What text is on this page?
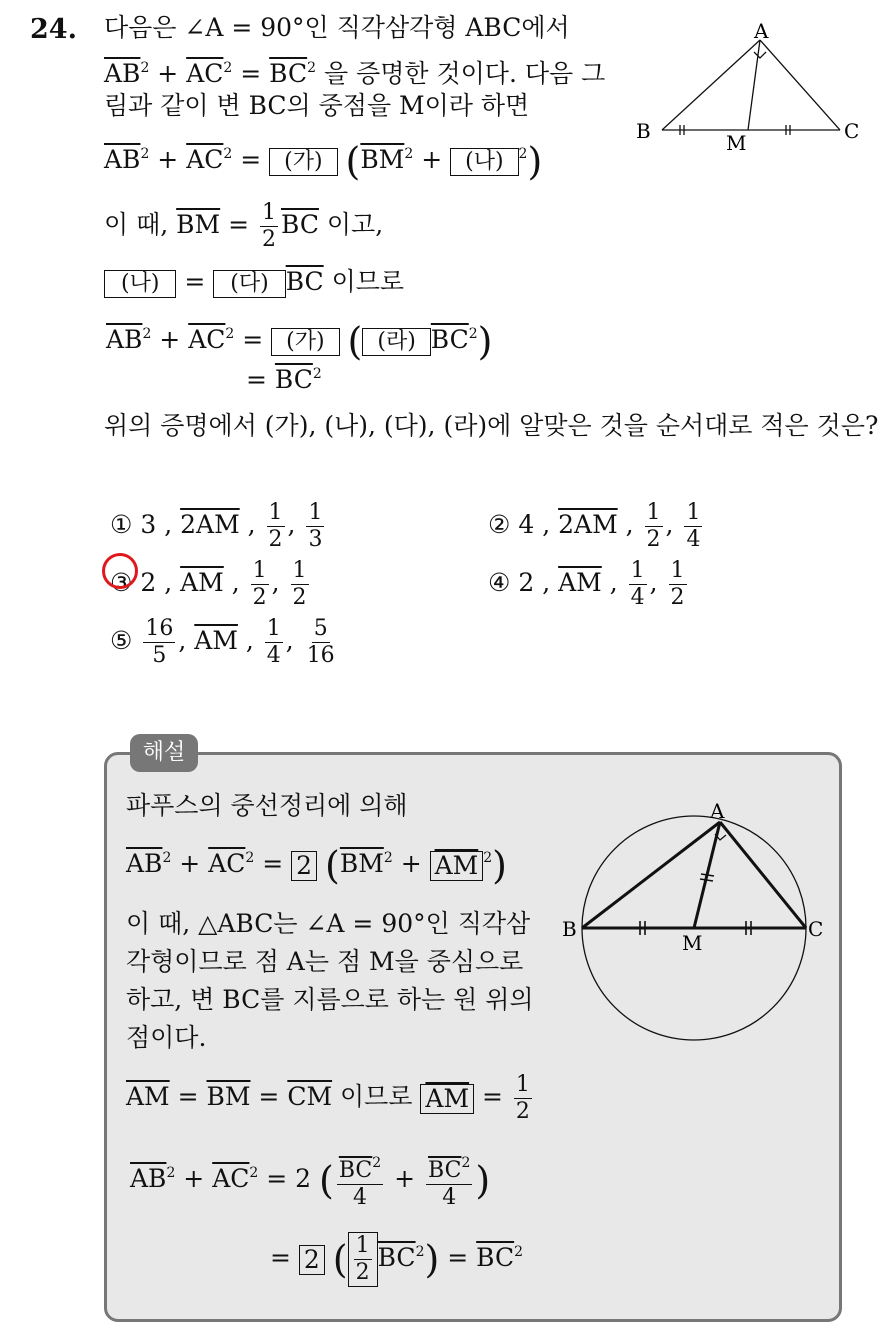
24. 다음은 ∠A = 90°인 직각삼각형 ABC에서
$\overline{AB}^2 + \overline{AC}^2 = \overline{BC}^2$ 을 증명한 것이다. 다음 그
림과 같이 변 BC의 중점을 M이라 하면
$\overline{AB}^2 + \overline{AC}^2$ = (가) ($\overline{BM}^2$ + (나) $^2$)
이 때, $\overline{BM} = \frac{1}{2} \overline{BC}$ 이고,
(나) = (다) $\overline{BC}$ 이므로
$\overline{AB}^2 + \overline{AC}^2$ = (가) ( (라) $\overline{BC}^2$)
= $\overline{BC}^2$
위의 증명에서 (가), (나), (다), (라)에 알맞은 것을 순서대로 적은 것은?
A
B	C
M
① 3 , 2AM , $\frac{1}{2}$ , $\frac{1}{3}$	② 4 , 2AM , $\frac{1}{2}$ , $\frac{1}{4}$
③ 2 , $\overline{AM}$ , $\frac{1}{2}$ , $\frac{1}{2}$	④ 2 , $\overline{AM}$ , $\frac{1}{4}$ , $\frac{1}{2}$
⑤ $\frac{16}{5}$ , $\overline{AM}$ , $\frac{1}{4}$ , $\frac{5}{16}$
해설
파푸스의 중선정리에 의해
$\overline{AB}^2 + \overline{AC}^2 = 2$ ($\overline{BM}^2 + \overline{AM}$ $^2$)
이 때, △ABC는 ∠A = 90°인 직각삼
각형이므로 점 A는 점 M을 중심으로
하고, 변 BC를 지름으로 하는 원 위의
점이다.
$\overline{AM} = \overline{BM} = \overline{CM}$ 이므로 $\overline{AM} = \frac{1}{2}$
$\overline{AB}^2 + \overline{AC}^2 = 2$ ( $\frac{\overline{BC}^2}{4} + \frac{\overline{BC}^2}{4}$ )
= 2 ( $\frac{1}{2} \overline{BC}^2) = \overline{BC}^2$
A
B	C
M
